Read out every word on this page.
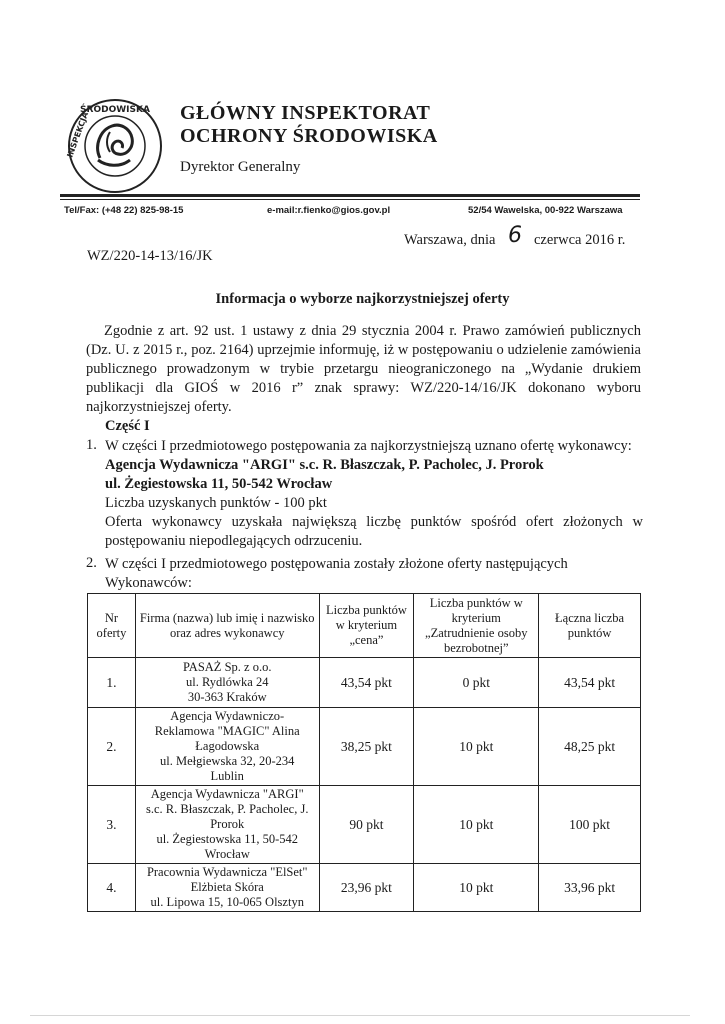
ŚRODOWISKA
INSPEKCJA	GŁÓWNY INSPEKTORAT
OCHRONY ŚRODOWISKA
Dyrektor Generalny
Tel/Fax: (+48 22) 825-98-15	e-mail:r.fienko@gios.gov.pl	52/54 Wawelska, 00-922 Warszawa
Warszawa, dnia 6 czerwca 2016 r.
WZ/220-14-13/16/JK
Informacja o wyborze najkorzystniejszej oferty

Zgodnie z art. 92 ust. 1 ustawy z dnia 29 stycznia 2004 r. Prawo zamówień publicznych (Dz. U. z 2015 r., poz. 2164) uprzejmie informuję, iż w postępowaniu o udzielenie zamówienia publicznego prowadzonym w trybie przetargu nieograniczonego na „Wydanie drukiem publikacji dla GIOŚ w 2016 r” znak sprawy: WZ/220-14/16/JK dokonano wyboru najkorzystniejszej oferty.

Część I
1. W części I przedmiotowego postępowania za najkorzystniejszą uznano ofertę wykonawcy:
Agencja Wydawnicza "ARGI" s.c. R. Błaszczak, P. Pacholec, J. Prorok
ul. Żegiestowska 11, 50-542 Wrocław
Liczba uzyskanych punktów - 100 pkt
Oferta wykonawcy uzyskała największą liczbę punktów spośród ofert złożonych w postępowaniu niepodlegających odrzuceniu.
2. W części I przedmiotowego postępowania zostały złożone oferty następujących
Wykonawców:
Nr oferty	Firma (nazwa) lub imię i nazwisko oraz adres wykonawcy	Liczba punktów w kryterium „cena”	Liczba punktów w kryterium „Zatrudnienie osoby bezrobotnej”	Łączna liczba punktów
1.	PASAŻ Sp. z o.o.
ul. Rydlówka 24
30-363 Kraków	43,54 pkt	0 pkt	43,54 pkt
2.	Agencja Wydawniczo-
Reklamowa "MAGIC" Alina
Łagodowska
ul. Mełgiewska 32, 20-234
Lublin	38,25 pkt	10 pkt	48,25 pkt
3.	Agencja Wydawnicza "ARGI"
s.c. R. Błaszczak, P. Pacholec, J.
Prorok
ul. Żegiestowska 11, 50-542
Wrocław	90 pkt	10 pkt	100 pkt
4.	Pracownia Wydawnicza "ElSet"
Elżbieta Skóra
ul. Lipowa 15, 10-065 Olsztyn	23,96 pkt	10 pkt	33,96 pkt
